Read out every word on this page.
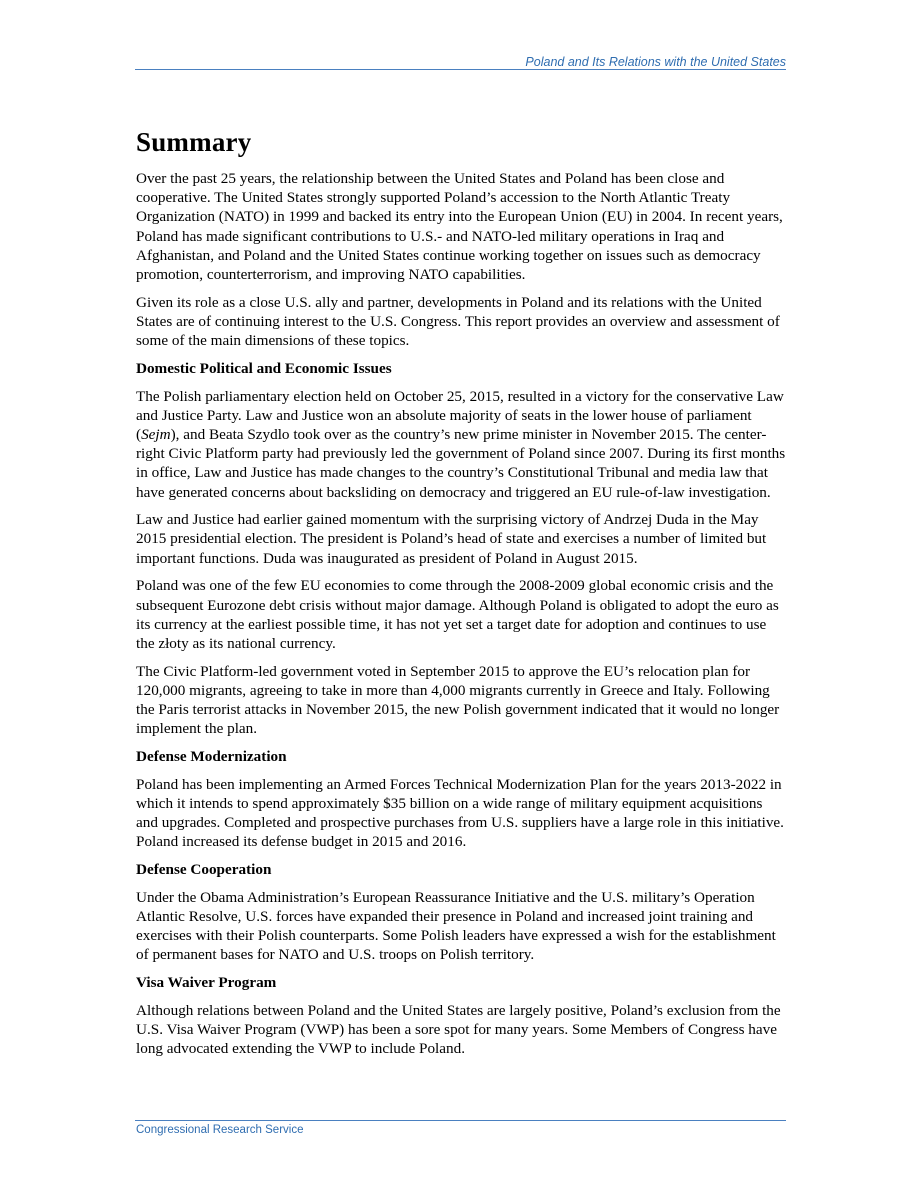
Poland and Its Relations with the United States
Summary

Over the past 25 years, the relationship between the United States and Poland has been close and cooperative. The United States strongly supported Poland’s accession to the North Atlantic Treaty Organization (NATO) in 1999 and backed its entry into the European Union (EU) in 2004. In recent years, Poland has made significant contributions to U.S.- and NATO-led military operations in Iraq and Afghanistan, and Poland and the United States continue working together on issues such as democracy promotion, counterterrorism, and improving NATO capabilities.

Given its role as a close U.S. ally and partner, developments in Poland and its relations with the United States are of continuing interest to the U.S. Congress. This report provides an overview and assessment of some of the main dimensions of these topics.

Domestic Political and Economic Issues

The Polish parliamentary election held on October 25, 2015, resulted in a victory for the conservative Law and Justice Party. Law and Justice won an absolute majority of seats in the lower house of parliament (Sejm), and Beata Szydlo took over as the country’s new prime minister in November 2015. The center-right Civic Platform party had previously led the government of Poland since 2007. During its first months in office, Law and Justice has made changes to the country’s Constitutional Tribunal and media law that have generated concerns about backsliding on democracy and triggered an EU rule-of-law investigation.

Law and Justice had earlier gained momentum with the surprising victory of Andrzej Duda in the May 2015 presidential election. The president is Poland’s head of state and exercises a number of limited but important functions. Duda was inaugurated as president of Poland in August 2015.

Poland was one of the few EU economies to come through the 2008-2009 global economic crisis and the subsequent Eurozone debt crisis without major damage. Although Poland is obligated to adopt the euro as its currency at the earliest possible time, it has not yet set a target date for adoption and continues to use the złoty as its national currency.

The Civic Platform-led government voted in September 2015 to approve the EU’s relocation plan for 120,000 migrants, agreeing to take in more than 4,000 migrants currently in Greece and Italy. Following the Paris terrorist attacks in November 2015, the new Polish government indicated that it would no longer implement the plan.

Defense Modernization

Poland has been implementing an Armed Forces Technical Modernization Plan for the years 2013-2022 in which it intends to spend approximately $35 billion on a wide range of military equipment acquisitions and upgrades. Completed and prospective purchases from U.S. suppliers have a large role in this initiative. Poland increased its defense budget in 2015 and 2016.

Defense Cooperation

Under the Obama Administration’s European Reassurance Initiative and the U.S. military’s Operation Atlantic Resolve, U.S. forces have expanded their presence in Poland and increased joint training and exercises with their Polish counterparts. Some Polish leaders have expressed a wish for the establishment of permanent bases for NATO and U.S. troops on Polish territory.

Visa Waiver Program

Although relations between Poland and the United States are largely positive, Poland’s exclusion from the U.S. Visa Waiver Program (VWP) has been a sore spot for many years. Some Members of Congress have long advocated extending the VWP to include Poland.

Congressional Research Service
